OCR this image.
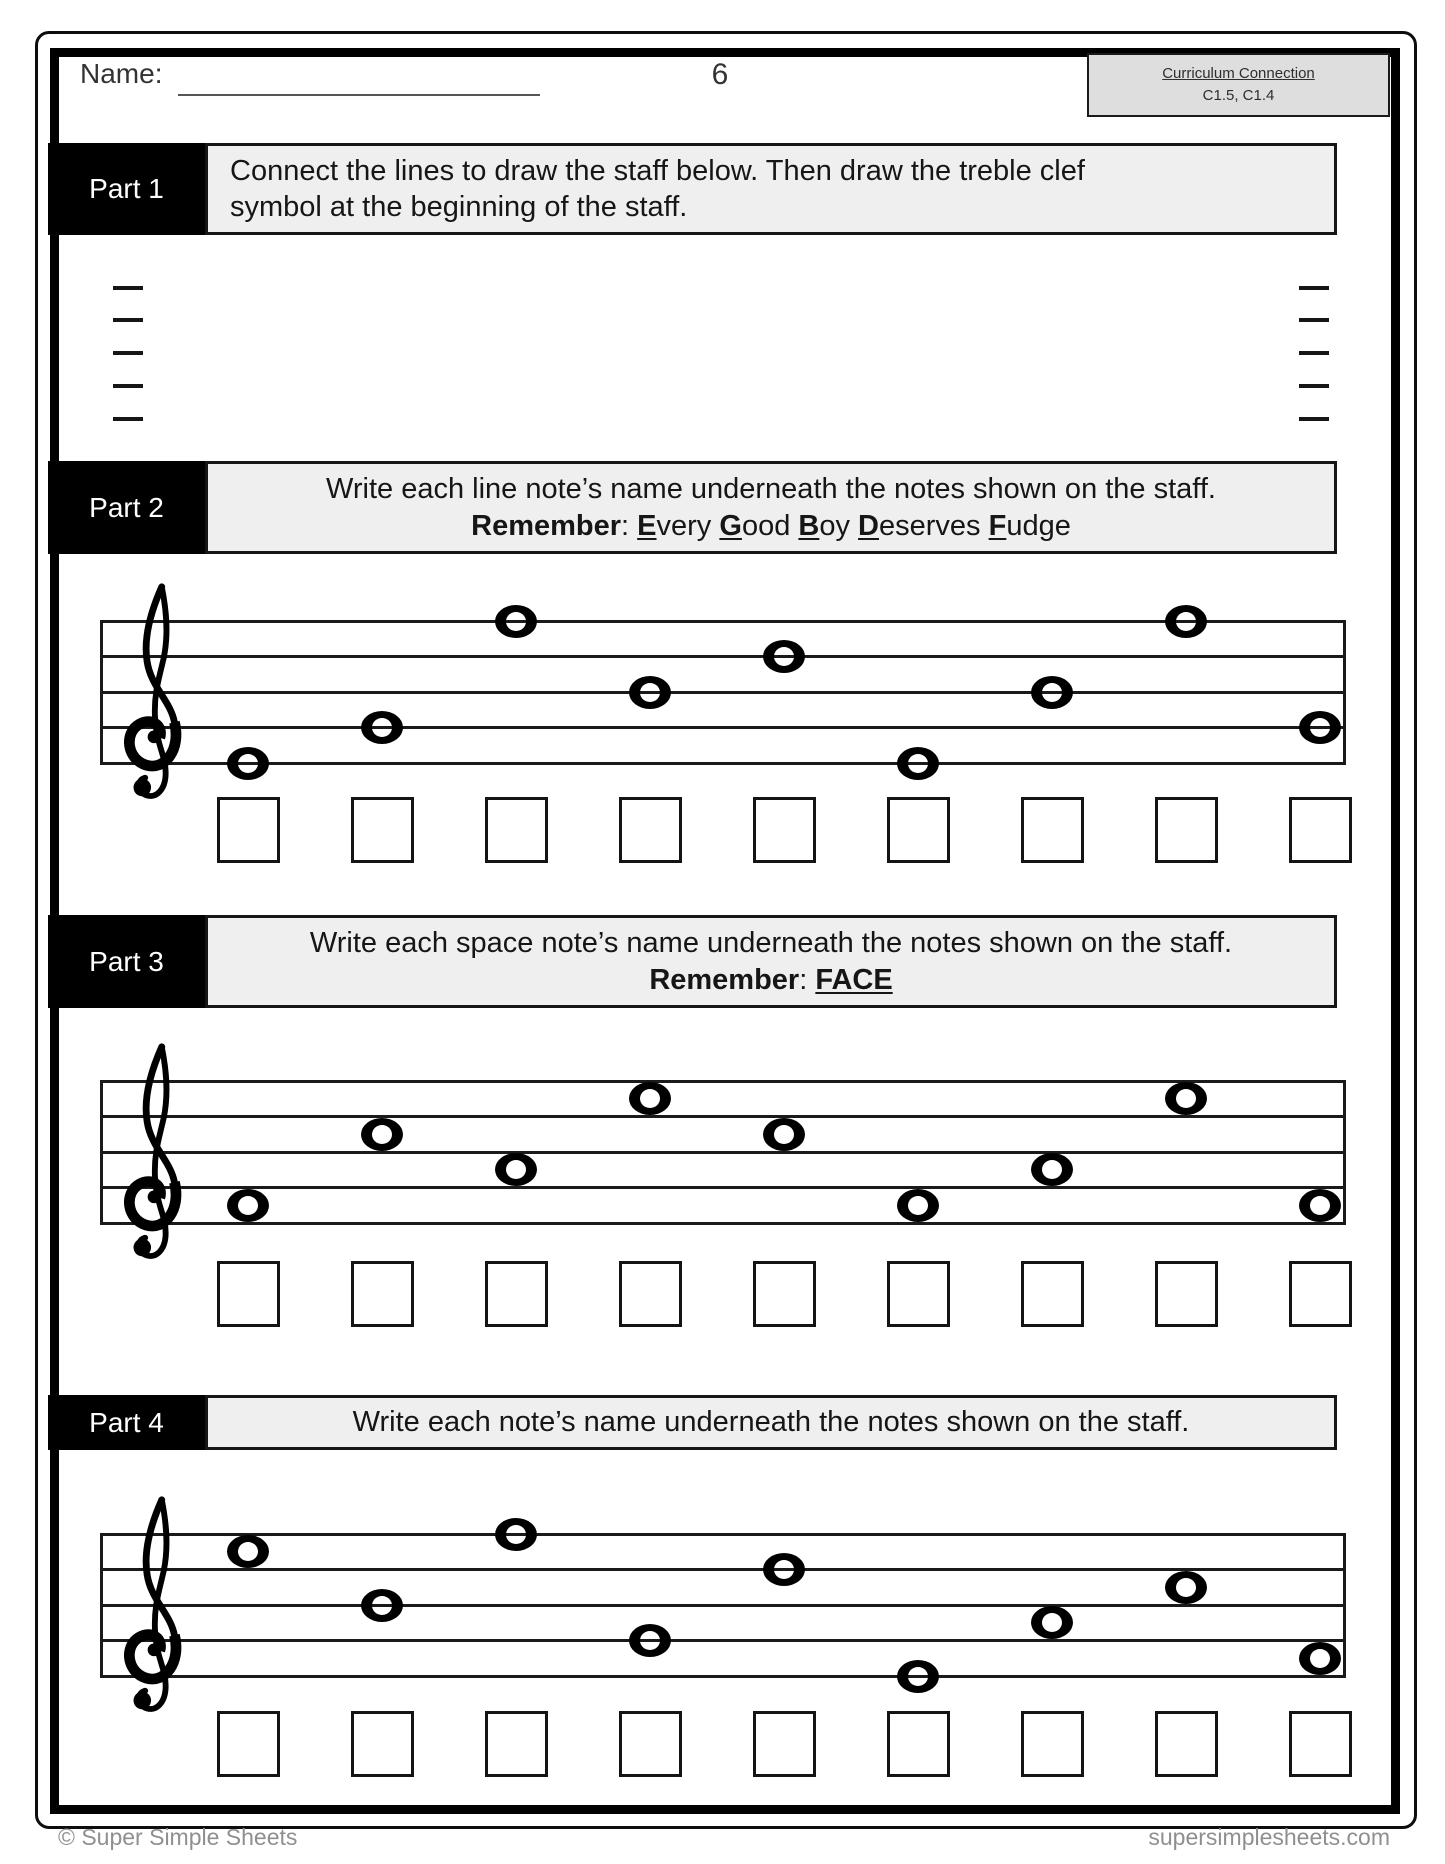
Name:	6	Curriculum Connection
C1.5, C1.4
Part 1
Connect the lines to draw the staff below. Then draw the treble clef symbol at the beginning of the staff.
Part 2
Write each line note’s name underneath the notes shown on the staff.
Remember: Every Good Boy Deserves Fudge
Part 3
Write each space note’s name underneath the notes shown on the staff.
Remember: FACE
Part 4	Write each note’s name underneath the notes shown on the staff.
© Super Simple Sheets	supersimplesheets.com
